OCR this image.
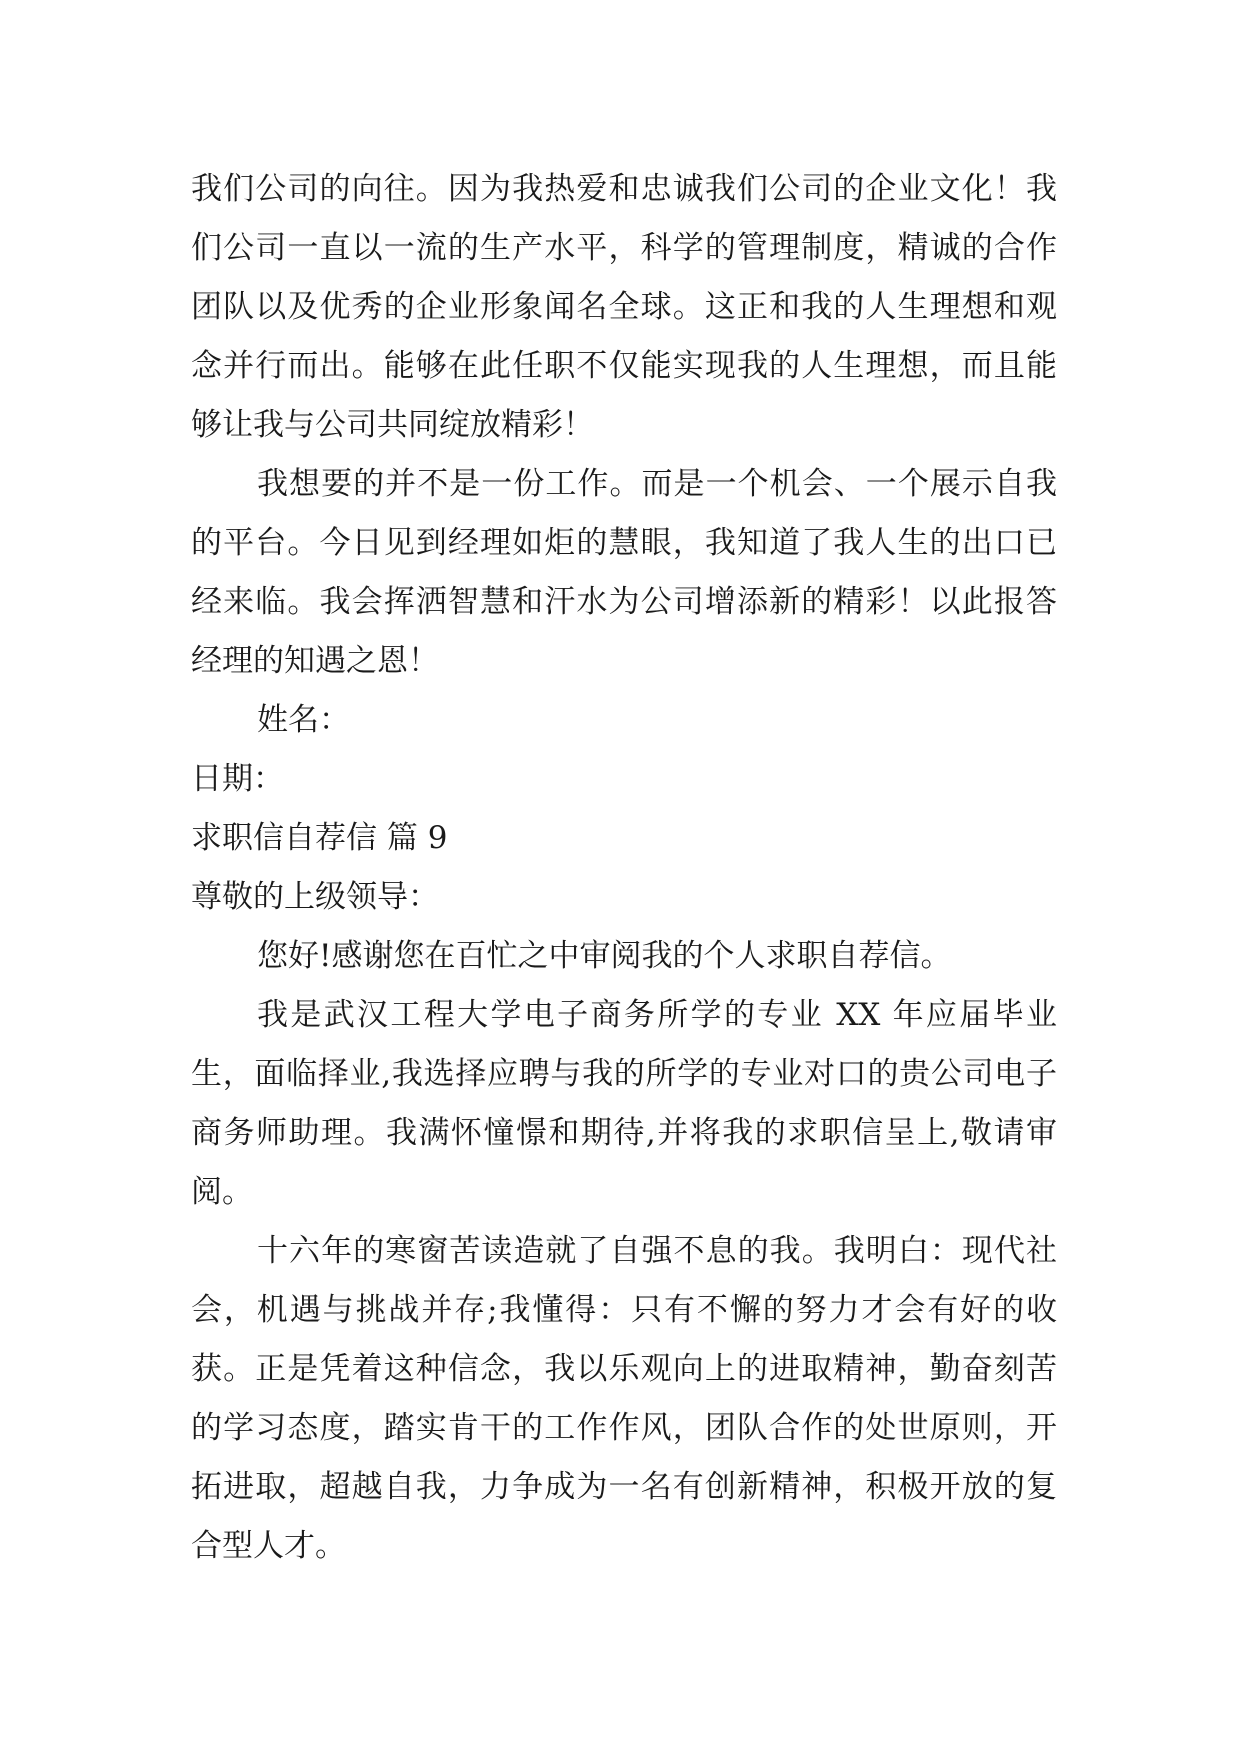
我们公司的向往。因为我热爱和忠诚我们公司的企业文化！我们公司一直以一流的生产水平，科学的管理制度，精诚的合作团队以及优秀的企业形象闻名全球。这正和我的人生理想和观念并行而出。能够在此任职不仅能实现我的人生理想，而且能够让我与公司共同绽放精彩！

我想要的并不是一份工作。而是一个机会、一个展示自我的平台。今日见到经理如炬的慧眼，我知道了我人生的出口已经来临。我会挥洒智慧和汗水为公司增添新的精彩！以此报答经理的知遇之恩！

姓名：

日期：

求职信自荐信 篇 9

尊敬的上级领导：

您好!感谢您在百忙之中审阅我的个人求职自荐信。

我是武汉工程大学电子商务所学的专业 XX 年应届毕业生，面临择业,我选择应聘与我的所学的专业对口的贵公司电子商务师助理。我满怀憧憬和期待,并将我的求职信呈上,敬请审阅。

十六年的寒窗苦读造就了自强不息的我。我明白：现代社会，机遇与挑战并存;我懂得：只有不懈的努力才会有好的收获。正是凭着这种信念，我以乐观向上的进取精神，勤奋刻苦的学习态度，踏实肯干的工作作风，团队合作的处世原则，开拓进取，超越自我，力争成为一名有创新精神，积极开放的复合型人才。
